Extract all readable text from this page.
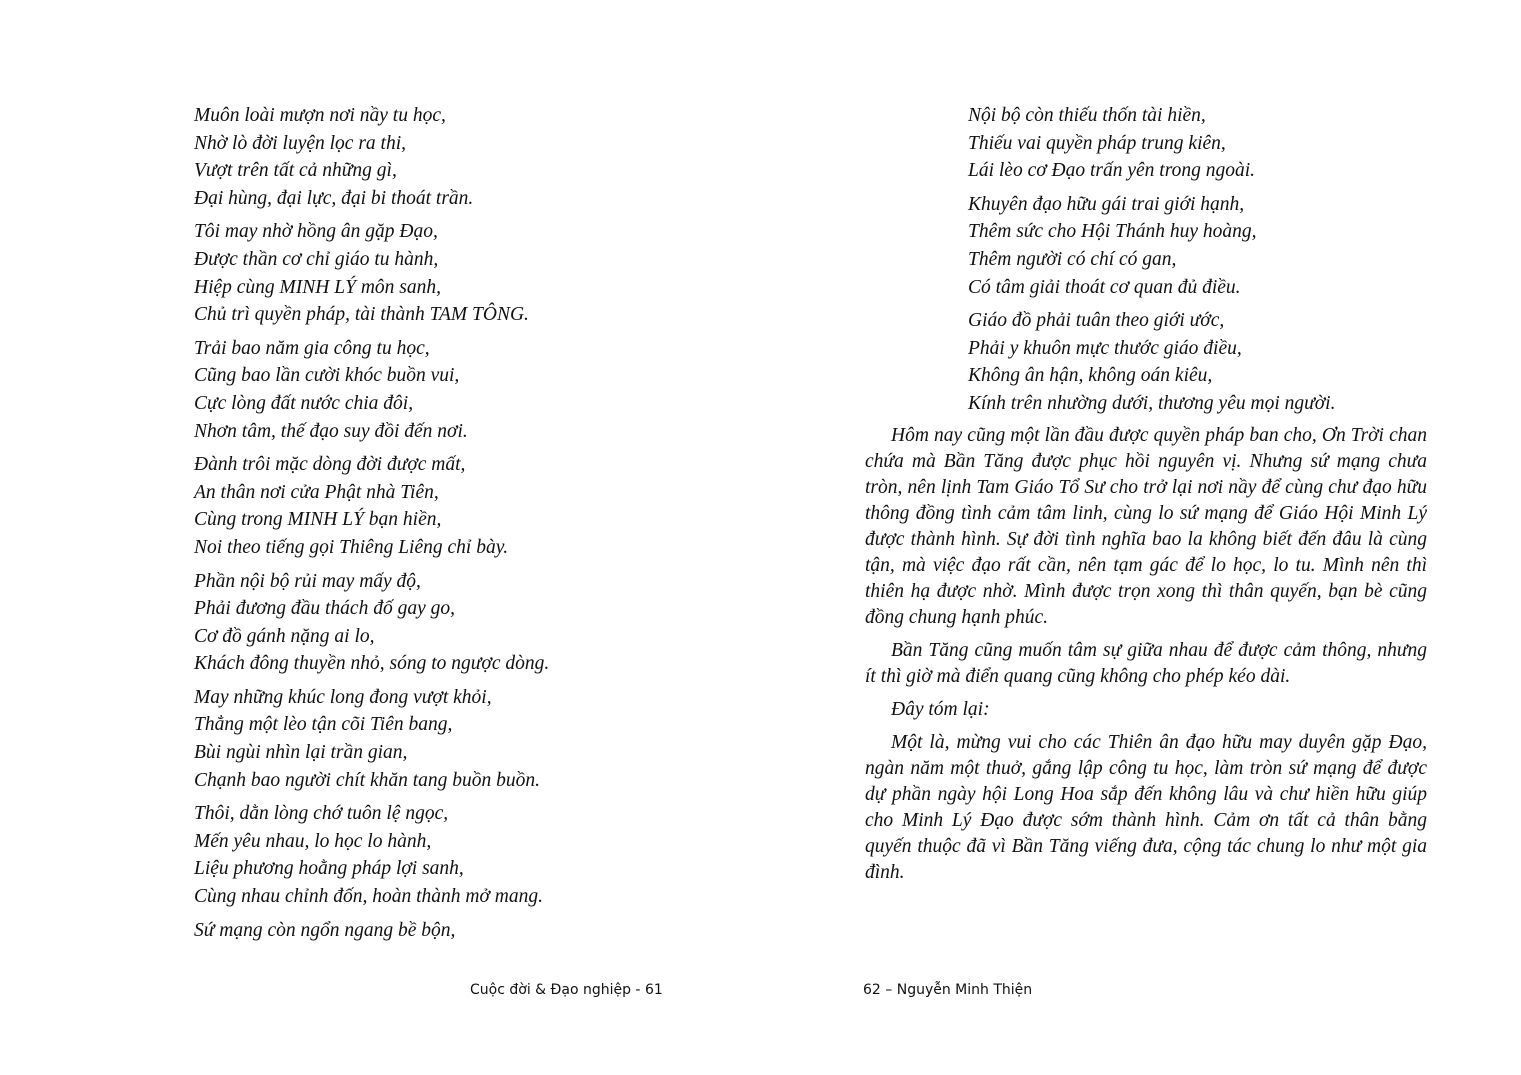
Muôn loài mượn nơi nầy tu học,
Nhờ lò đời luyện lọc ra thi,
Vượt trên tất cả những gì,
Đại hùng, đại lực, đại bi thoát trần.
Tôi may nhờ hồng ân gặp Đạo,
Được thần cơ chỉ giáo tu hành,
Hiệp cùng MINH LÝ môn sanh,
Chủ trì quyền pháp, tài thành TAM TÔNG.
Trải bao năm gia công tu học,
Cũng bao lần cười khóc buồn vui,
Cực lòng đất nước chia đôi,
Nhơn tâm, thế đạo suy đồi đến nơi.
Đành trôi mặc dòng đời được mất,
An thân nơi cửa Phật nhà Tiên,
Cùng trong MINH LÝ bạn hiền,
Noi theo tiếng gọi Thiêng Liêng chỉ bày.
Phần nội bộ rủi may mấy độ,
Phải đương đầu thách đố gay go,
Cơ đồ gánh nặng ai lo,
Khách đông thuyền nhỏ, sóng to ngược dòng.
May những khúc long đong vượt khỏi,
Thẳng một lèo tận cõi Tiên bang,
Bùi ngùi nhìn lại trần gian,
Chạnh bao người chít khăn tang buồn buồn.
Thôi, dằn lòng chớ tuôn lệ ngọc,
Mến yêu nhau, lo học lo hành,
Liệu phương hoằng pháp lợi sanh,
Cùng nhau chỉnh đốn, hoàn thành mở mang.
Sứ mạng còn ngổn ngang bề bộn,
Cuộc đời & Đạo nghiệp - 61
Nội bộ còn thiếu thốn tài hiền,
Thiếu vai quyền pháp trung kiên,
Lái lèo cơ Đạo trấn yên trong ngoài.
Khuyên đạo hữu gái trai giới hạnh,
Thêm sức cho Hội Thánh huy hoàng,
Thêm người có chí có gan,
Có tâm giải thoát cơ quan đủ điều.
Giáo đồ phải tuân theo giới ước,
Phải y khuôn mực thước giáo điều,
Không ân hận, không oán kiêu,
Kính trên nhường dưới, thương yêu mọi người.

Hôm nay cũng một lần đầu được quyền pháp ban cho, Ơn Trời chan chứa mà Bần Tăng được phục hồi nguyên vị. Nhưng sứ mạng chưa tròn, nên lịnh Tam Giáo Tổ Sư cho trở lại nơi nầy để cùng chư đạo hữu thông đồng tình cảm tâm linh, cùng lo sứ mạng để Giáo Hội Minh Lý được thành hình. Sự đời tình nghĩa bao la không biết đến đâu là cùng tận, mà việc đạo rất cần, nên tạm gác để lo học, lo tu. Mình nên thì thiên hạ được nhờ. Mình được trọn xong thì thân quyến, bạn bè cũng đồng chung hạnh phúc.

Bần Tăng cũng muốn tâm sự giữa nhau để được cảm thông, nhưng ít thì giờ mà điển quang cũng không cho phép kéo dài.

Đây tóm lại:

Một là, mừng vui cho các Thiên ân đạo hữu may duyên gặp Đạo, ngàn năm một thuở, gắng lập công tu học, làm tròn sứ mạng để được dự phần ngày hội Long Hoa sắp đến không lâu và chư hiền hữu giúp cho Minh Lý Đạo được sớm thành hình. Cảm ơn tất cả thân bằng quyến thuộc đã vì Bần Tăng viếng đưa, cộng tác chung lo như một gia đình.

62 – Nguyễn Minh Thiện
